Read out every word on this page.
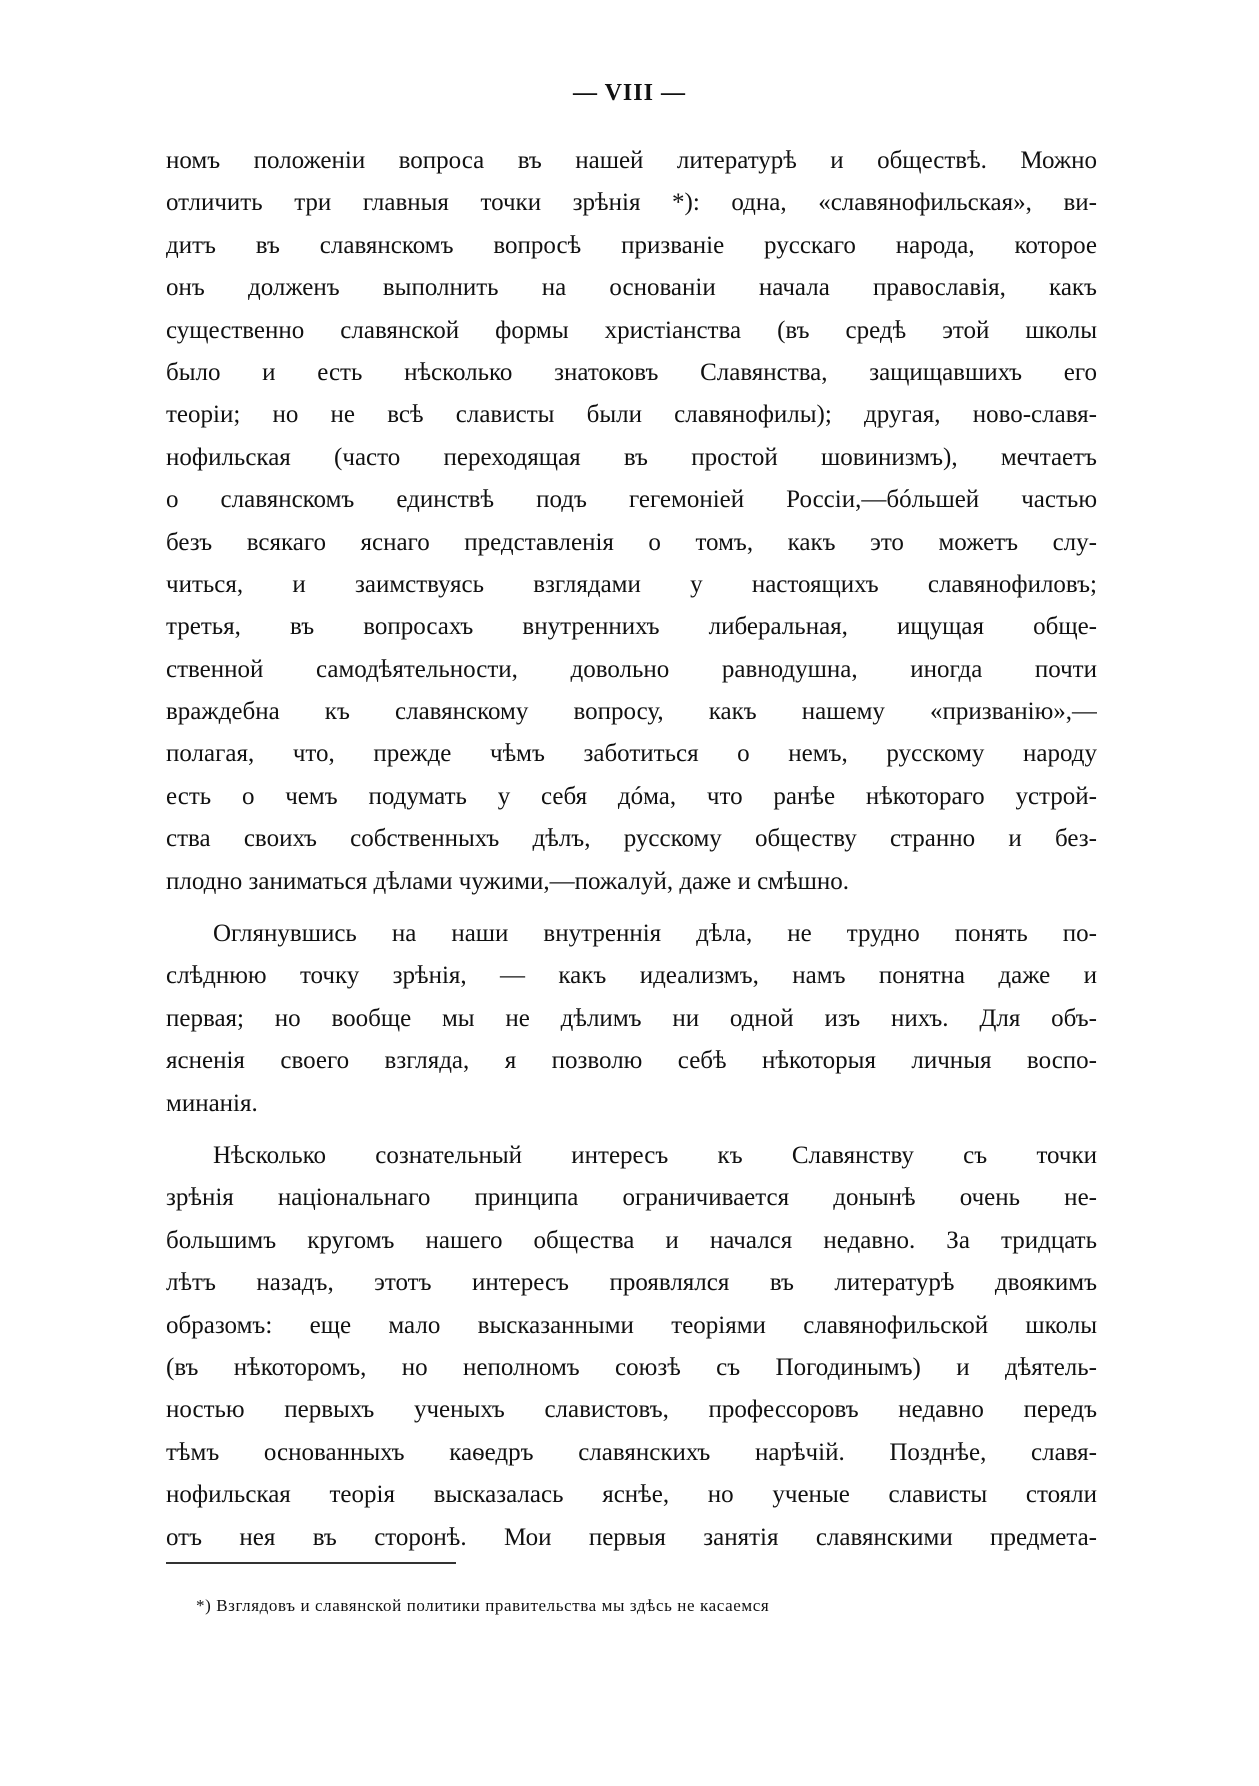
— VIII —
номъ положеніи вопроса въ нашей литературѣ и обществѣ. Можно
отличить три главныя точки зрѣнія *): одна, «славянофильская», ви-
дитъ въ славянскомъ вопросѣ призваніе русскаго народа, которое
онъ долженъ выполнить на основаніи начала православія, какъ
существенно славянской формы христіанства (въ средѣ этой школы
было и есть нѣсколько знатоковъ Славянства, защищавшихъ его
теоріи; но не всѣ слависты были славянофилы); другая, ново-славя-
нофильская (часто переходящая въ простой шовинизмъ), мечтаетъ
о славянскомъ единствѣ подъ гегемоніей Россіи,—бóльшей частью
безъ всякаго яснаго представленія о томъ, какъ это можетъ слу-
читься, и заимствуясь взглядами у настоящихъ славянофиловъ;
третья, въ вопросахъ внутреннихъ либеральная, ищущая обще-
ственной самодѣятельности, довольно равнодушна, иногда почти
враждебна къ славянскому вопросу, какъ нашему «призванію»,—
полагая, что, прежде чѣмъ заботиться о немъ, русскому народу
есть о чемъ подумать у себя дóма, что ранѣе нѣкотораго устрой-
ства своихъ собственныхъ дѣлъ, русскому обществу странно и без-
плодно заниматься дѣлами чужими,—пожалуй, даже и смѣшно.
Оглянувшись на наши внутреннія дѣла, не трудно понять по-
слѣднюю точку зрѣнія, — какъ идеализмъ, намъ понятна даже и
первая; но вообще мы не дѣлимъ ни одной изъ нихъ. Для объ-
ясненія своего взгляда, я позволю себѣ нѣкоторыя личныя воспо-
минанія.
Нѣсколько сознательный интересъ къ Славянству съ точки
зрѣнія національнаго принципа ограничивается донынѣ очень не-
большимъ кругомъ нашего общества и начался недавно. За тридцать
лѣтъ назадъ, этотъ интересъ проявлялся въ литературѣ двоякимъ
образомъ: еще мало высказанными теоріями славянофильской школы
(въ нѣкоторомъ, но неполномъ союзѣ съ Погодинымъ) и дѣятель-
ностью первыхъ ученыхъ славистовъ, профессоровъ недавно передъ
тѣмъ основанныхъ каѳедръ славянскихъ нарѣчій. Позднѣе, славя-
нофильская теорія высказалась яснѣе, но ученые слависты стояли
отъ нея въ сторонѣ. Мои первыя занятія славянскими предмета-
*) Взглядовъ и славянской политики правительства мы здѣсь не касаемся
